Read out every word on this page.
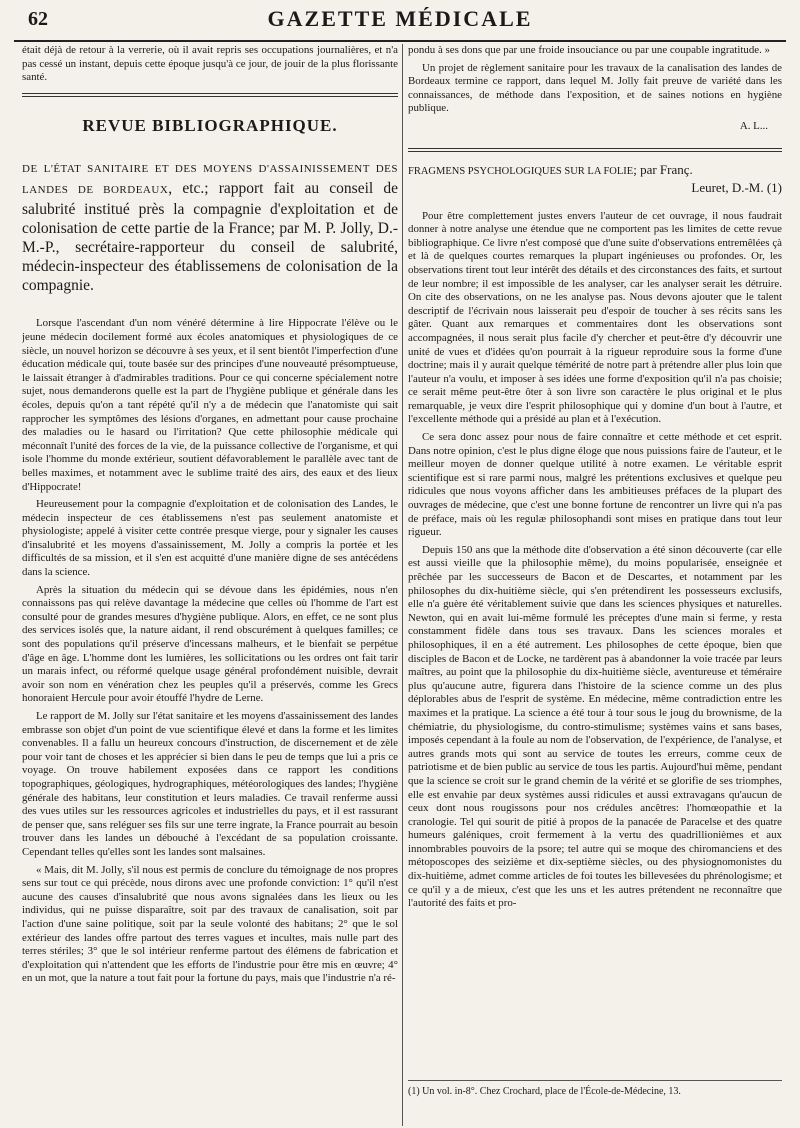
62	GAZETTE MÉDICALE

était déjà de retour à la verrerie, où il avait repris ses occupations journalières, et n'a pas cessé un instant, depuis cette époque jusqu'à ce jour, de jouir de la plus florissante santé.

REVUE BIBLIOGRAPHIQUE.

DE L'ÉTAT SANITAIRE ET DES MOYENS D'ASSAINISSEMENT DES LANDES DE BORDEAUX, etc.; rapport fait au conseil de salubrité institué près la compagnie d'exploitation et de colonisation de cette partie de la France; par M. P. Jolly, D.-M.-P., secrétaire-rapporteur du conseil de salubrité, médecin-inspecteur des établissemens de colonisation de la compagnie.

Lorsque l'ascendant d'un nom vénéré détermine à lire Hippocrate l'élève ou le jeune médecin docilement formé aux écoles anatomiques et physiologiques de ce siècle, un nouvel horizon se découvre à ses yeux, et il sent bientôt l'imperfection d'une éducation médicale qui, toute basée sur des principes d'une nouveauté présomptueuse, le laissait étranger à d'admirables traditions. Pour ce qui concerne spécialement notre sujet, nous demanderons quelle est la part de l'hygiène publique et générale dans les écoles, depuis qu'on a tant répété qu'il n'y a de médecin que l'anatomiste qui sait rapprocher les symptômes des lésions d'organes, en admettant pour cause prochaine des maladies ou le hasard ou l'irritation? Que cette philosophie médicale qui méconnaît l'unité des forces de la vie, de la puissance collective de l'organisme, et qui isole l'homme du monde extérieur, soutient défavorablement le parallèle avec tant de belles maximes, et notamment avec le sublime traité des airs, des eaux et des lieux d'Hippocrate!

Heureusement pour la compagnie d'exploitation et de colonisation des Landes, le médecin inspecteur de ces établissemens n'est pas seulement anatomiste et physiologiste; appelé à visiter cette contrée presque vierge, pour y signaler les causes d'insalubrité et les moyens d'assainissement, M. Jolly a compris la portée et les difficultés de sa mission, et il s'en est acquitté d'une manière digne de ses antécédens dans la science.

Après la situation du médecin qui se dévoue dans les épidémies, nous n'en connaissons pas qui relève davantage la médecine que celles où l'homme de l'art est consulté pour de grandes mesures d'hygiène publique. Alors, en effet, ce ne sont plus des services isolés que, la nature aidant, il rend obscurément à quelques familles; ce sont des populations qu'il préserve d'incessans malheurs, et le bienfait se perpétue d'âge en âge. L'homme dont les lumières, les sollicitations ou les ordres ont fait tarir un marais infect, ou réformé quelque usage général profondément nuisible, devrait avoir son nom en vénération chez les peuples qu'il a préservés, comme les Grecs honoraient Hercule pour avoir étouffé l'hydre de Lerne.

Le rapport de M. Jolly sur l'état sanitaire et les moyens d'assainissement des landes embrasse son objet d'un point de vue scientifique élevé et dans la forme et les limites convenables. Il a fallu un heureux concours d'instruction, de discernement et de zèle pour voir tant de choses et les apprécier si bien dans le peu de temps que lui a pris ce voyage. On trouve habilement exposées dans ce rapport les conditions topographiques, géologiques, hydrographiques, météorologiques des landes; l'hygiène générale des habitans, leur constitution et leurs maladies. Ce travail renferme aussi des vues utiles sur les ressources agricoles et industrielles du pays, et il est rassurant de penser que, sans reléguer ses fils sur une terre ingrate, la France pourrait au besoin trouver dans les landes un débouché à l'excédant de sa population croissante. Cependant telles qu'elles sont les landes sont malsaines.

« Mais, dit M. Jolly, s'il nous est permis de conclure du témoignage de nos propres sens sur tout ce qui précède, nous dirons avec une profonde conviction: 1° qu'il n'est aucune des causes d'insalubrité que nous avons signalées dans les lieux ou les individus, qui ne puisse disparaître, soit par des travaux de canalisation, soit par l'action d'une saine politique, soit par la seule volonté des habitans; 2° que le sol extérieur des landes offre partout des terres vagues et incultes, mais nulle part des terres stériles; 3° que le sol intérieur renferme partout des élémens de fabrication et d'exploitation qui n'attendent que les efforts de l'industrie pour être mis en œuvre; 4° en un mot, que la nature a tout fait pour la fortune du pays, mais que l'industrie n'a ré-

pondu à ses dons que par une froide insouciance ou par une coupable ingratitude. »

Un projet de règlement sanitaire pour les travaux de la canalisation des landes de Bordeaux termine ce rapport, dans lequel M. Jolly fait preuve de variété dans les connaissances, de méthode dans l'exposition, et de saines notions en hygiène publique.

A. L...

FRAGMENS PSYCHOLOGIQUES SUR LA FOLIE; par Franç.
Leuret, D.-M. (1)

Pour être complettement justes envers l'auteur de cet ouvrage, il nous faudrait donner à notre analyse une étendue que ne comportent pas les limites de cette revue bibliographique. Ce livre n'est composé que d'une suite d'observations entremêlées çà et là de quelques courtes remarques la plupart ingénieuses ou profondes. Or, les observations tirent tout leur intérêt des détails et des circonstances des faits, et surtout de leur nombre; il est impossible de les analyser, car les analyser serait les détruire. On cite des observations, on ne les analyse pas. Nous devons ajouter que le talent descriptif de l'écrivain nous laisserait peu d'espoir de toucher à ses récits sans les gâter. Quant aux remarques et commentaires dont les observations sont accompagnées, il nous serait plus facile d'y chercher et peut-être d'y découvrir une unité de vues et d'idées qu'on pourrait à la rigueur reproduire sous la forme d'une doctrine; mais il y aurait quelque témérité de notre part à prétendre aller plus loin que l'auteur n'a voulu, et imposer à ses idées une forme d'exposition qu'il n'a pas choisie; ce serait même peut-être ôter à son livre son caractère le plus original et le plus remarquable, je veux dire l'esprit philosophique qui y domine d'un bout à l'autre, et l'excellente méthode qui a présidé au plan et à l'exécution.

Ce sera donc assez pour nous de faire connaître et cette méthode et cet esprit. Dans notre opinion, c'est le plus digne éloge que nous puissions faire de l'auteur, et le meilleur moyen de donner quelque utilité à notre examen. Le véritable esprit scientifique est si rare parmi nous, malgré les prétentions exclusives et quelque peu ridicules que nous voyons afficher dans les ambitieuses préfaces de la plupart des ouvrages de médecine, que c'est une bonne fortune de rencontrer un livre qui n'a pas de préface, mais où les regulæ philosophandi sont mises en pratique dans tout leur rigueur.

Depuis 150 ans que la méthode dite d'observation a été sinon découverte (car elle est aussi vieille que la philosophie même), du moins popularisée, enseignée et prêchée par les successeurs de Bacon et de Descartes, et notamment par les philosophes du dix-huitième siècle, qui s'en prétendirent les possesseurs exclusifs, elle n'a guère été véritablement suivie que dans les sciences physiques et naturelles. Newton, qui en avait lui-même formulé les préceptes d'une main si ferme, y resta constamment fidèle dans tous ses travaux. Dans les sciences morales et philosophiques, il en a été autrement. Les philosophes de cette époque, bien que disciples de Bacon et de Locke, ne tardèrent pas à abandonner la voie tracée par leurs maîtres, au point que la philosophie du dix-huitième siècle, aventureuse et téméraire plus qu'aucune autre, figurera dans l'histoire de la science comme un des plus déplorables abus de l'esprit de système. En médecine, même contradiction entre les maximes et la pratique. La science a été tour à tour sous le joug du brownisme, de la chémiatrie, du physiologisme, du contro-stimulisme; systèmes vains et sans bases, imposés cependant à la foule au nom de l'observation, de l'expérience, de l'analyse, et autres grands mots qui sont au service de toutes les erreurs, comme ceux de patriotisme et de bien public au service de tous les partis. Aujourd'hui même, pendant que la science se croit sur le grand chemin de la vérité et se glorifie de ses triomphes, elle est envahie par deux systèmes aussi ridicules et aussi extravagans qu'aucun de ceux dont nous rougissons pour nos crédules ancêtres: l'homœopathie et la cranologie. Tel qui sourit de pitié à propos de la panacée de Paracelse et des quatre humeurs galéniques, croit fermement à la vertu des quadrillionièmes et aux innombrables pouvoirs de la psore; tel autre qui se moque des chiromanciens et des métoposcopes des seizième et dix-septième siècles, ou des physiognomonistes du dix-huitième, admet comme articles de foi toutes les billevesées du phrénologisme; et ce qu'il y a de mieux, c'est que les uns et les autres prétendent ne reconnaître que l'autorité des faits et pro-

(1) Un vol. in-8°. Chez Crochard, place de l'École-de-Médecine, 13.
